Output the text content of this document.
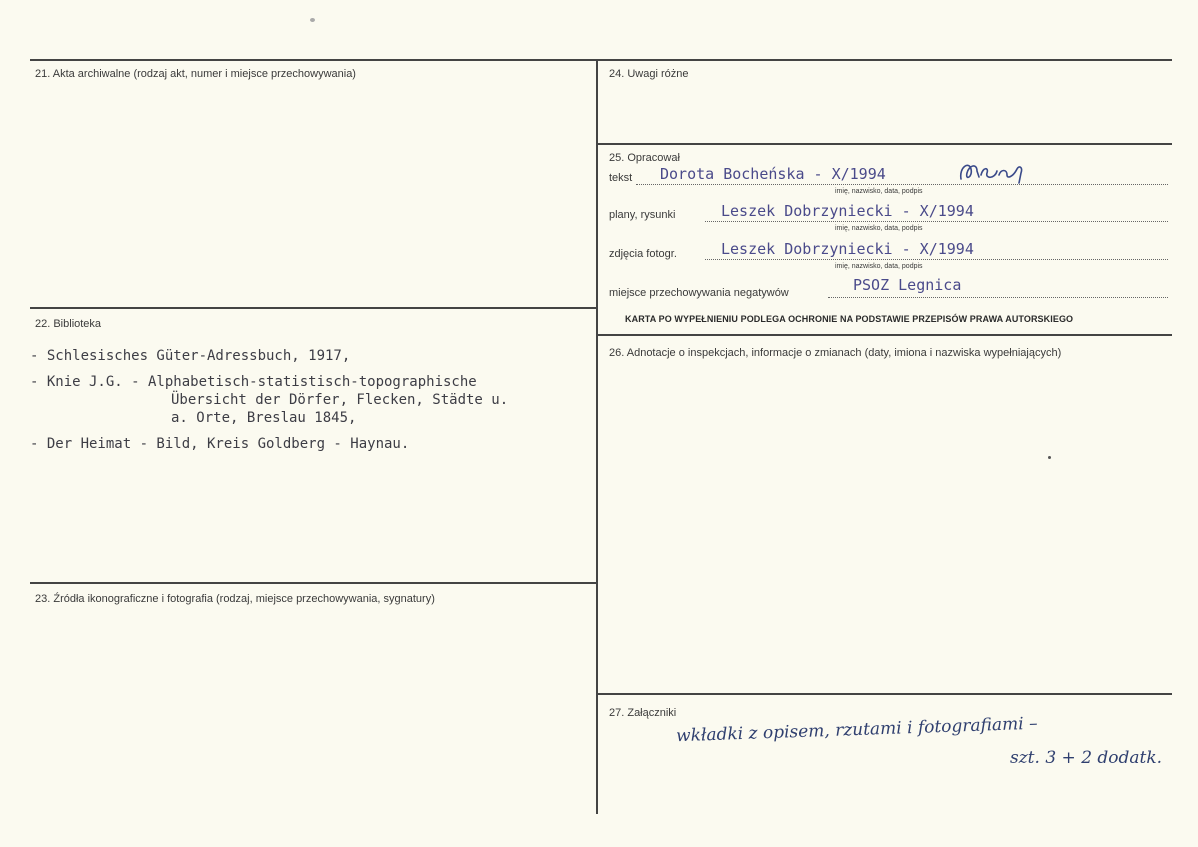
21. Akta archiwalne (rodzaj akt, numer i miejsce przechowywania)
22. Biblioteka
- Schlesisches Güter-Adressbuch, 1917,
- Knie J.G. - Alphabetisch-statistisch-topographische
Übersicht der Dörfer, Flecken, Städte u.
a. Orte, Breslau 1845,
- Der Heimat - Bild, Kreis Goldberg - Haynau.
23. Źródła ikonograficzne i fotografia (rodzaj, miejsce przechowywania, sygnatury)
24. Uwagi różne
25. Opracował
tekst Dorota Bocheńska - X/1994
imię, nazwisko, data, podpis
plany, rysunki	Leszek Dobrzyniecki - X/1994
imię, nazwisko, data, podpis
zdjęcia fotogr.	Leszek Dobrzyniecki - X/1994
imię, nazwisko, data, podpis
miejsce przechowywania negatywów	PSOZ Legnica
KARTA PO WYPEŁNIENIU PODLEGA OCHRONIE NA PODSTAWIE PRZEPISÓW PRAWA AUTORSKIEGO
26. Adnotacje o inspekcjach, informacje o zmianach (daty, imiona i nazwiska wypełniających)
27. Załączniki
wkładki z opisem, rzutami i fotografiami –
szt. 3 + 2 dodatk.
